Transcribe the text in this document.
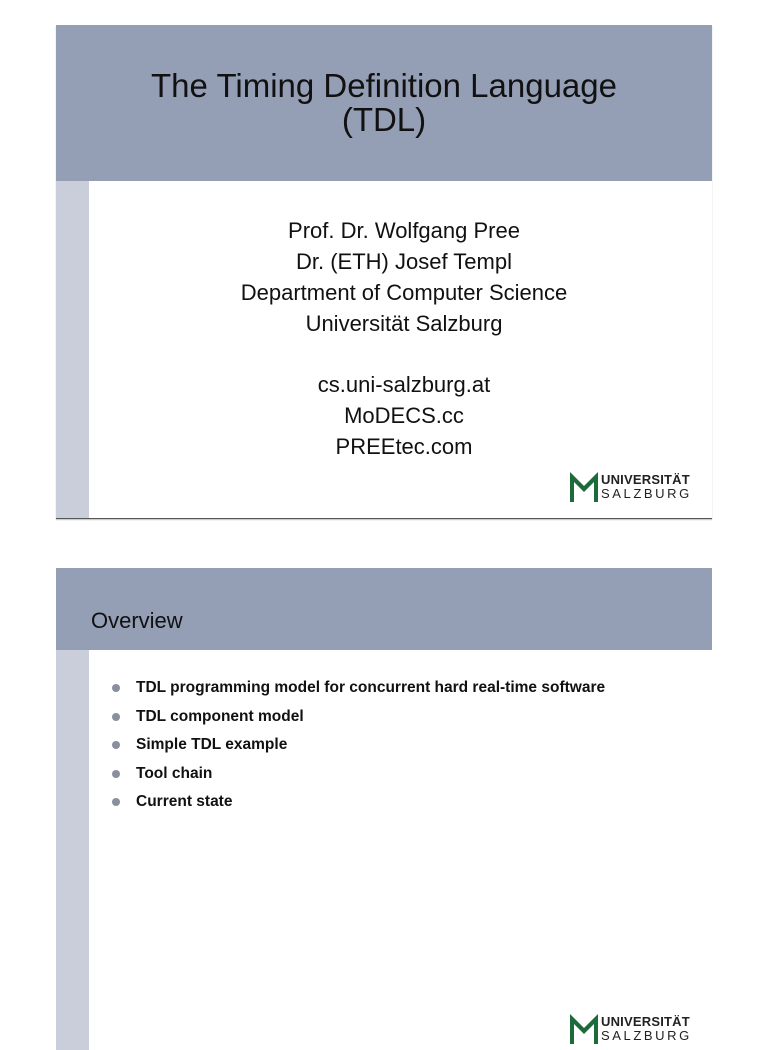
The Timing Definition Language
(TDL)
Prof. Dr. Wolfgang Pree
Dr. (ETH) Josef Templ
Department of Computer Science
Universität Salzburg
cs.uni-salzburg.at
MoDECS.cc
PREEtec.com
UNIVERSITÄT
SALZBURG
Overview
TDL programming model for concurrent hard real-time software
TDL component model
Simple TDL example
Tool chain
Current state
UNIVERSITÄT
SALZBURG
